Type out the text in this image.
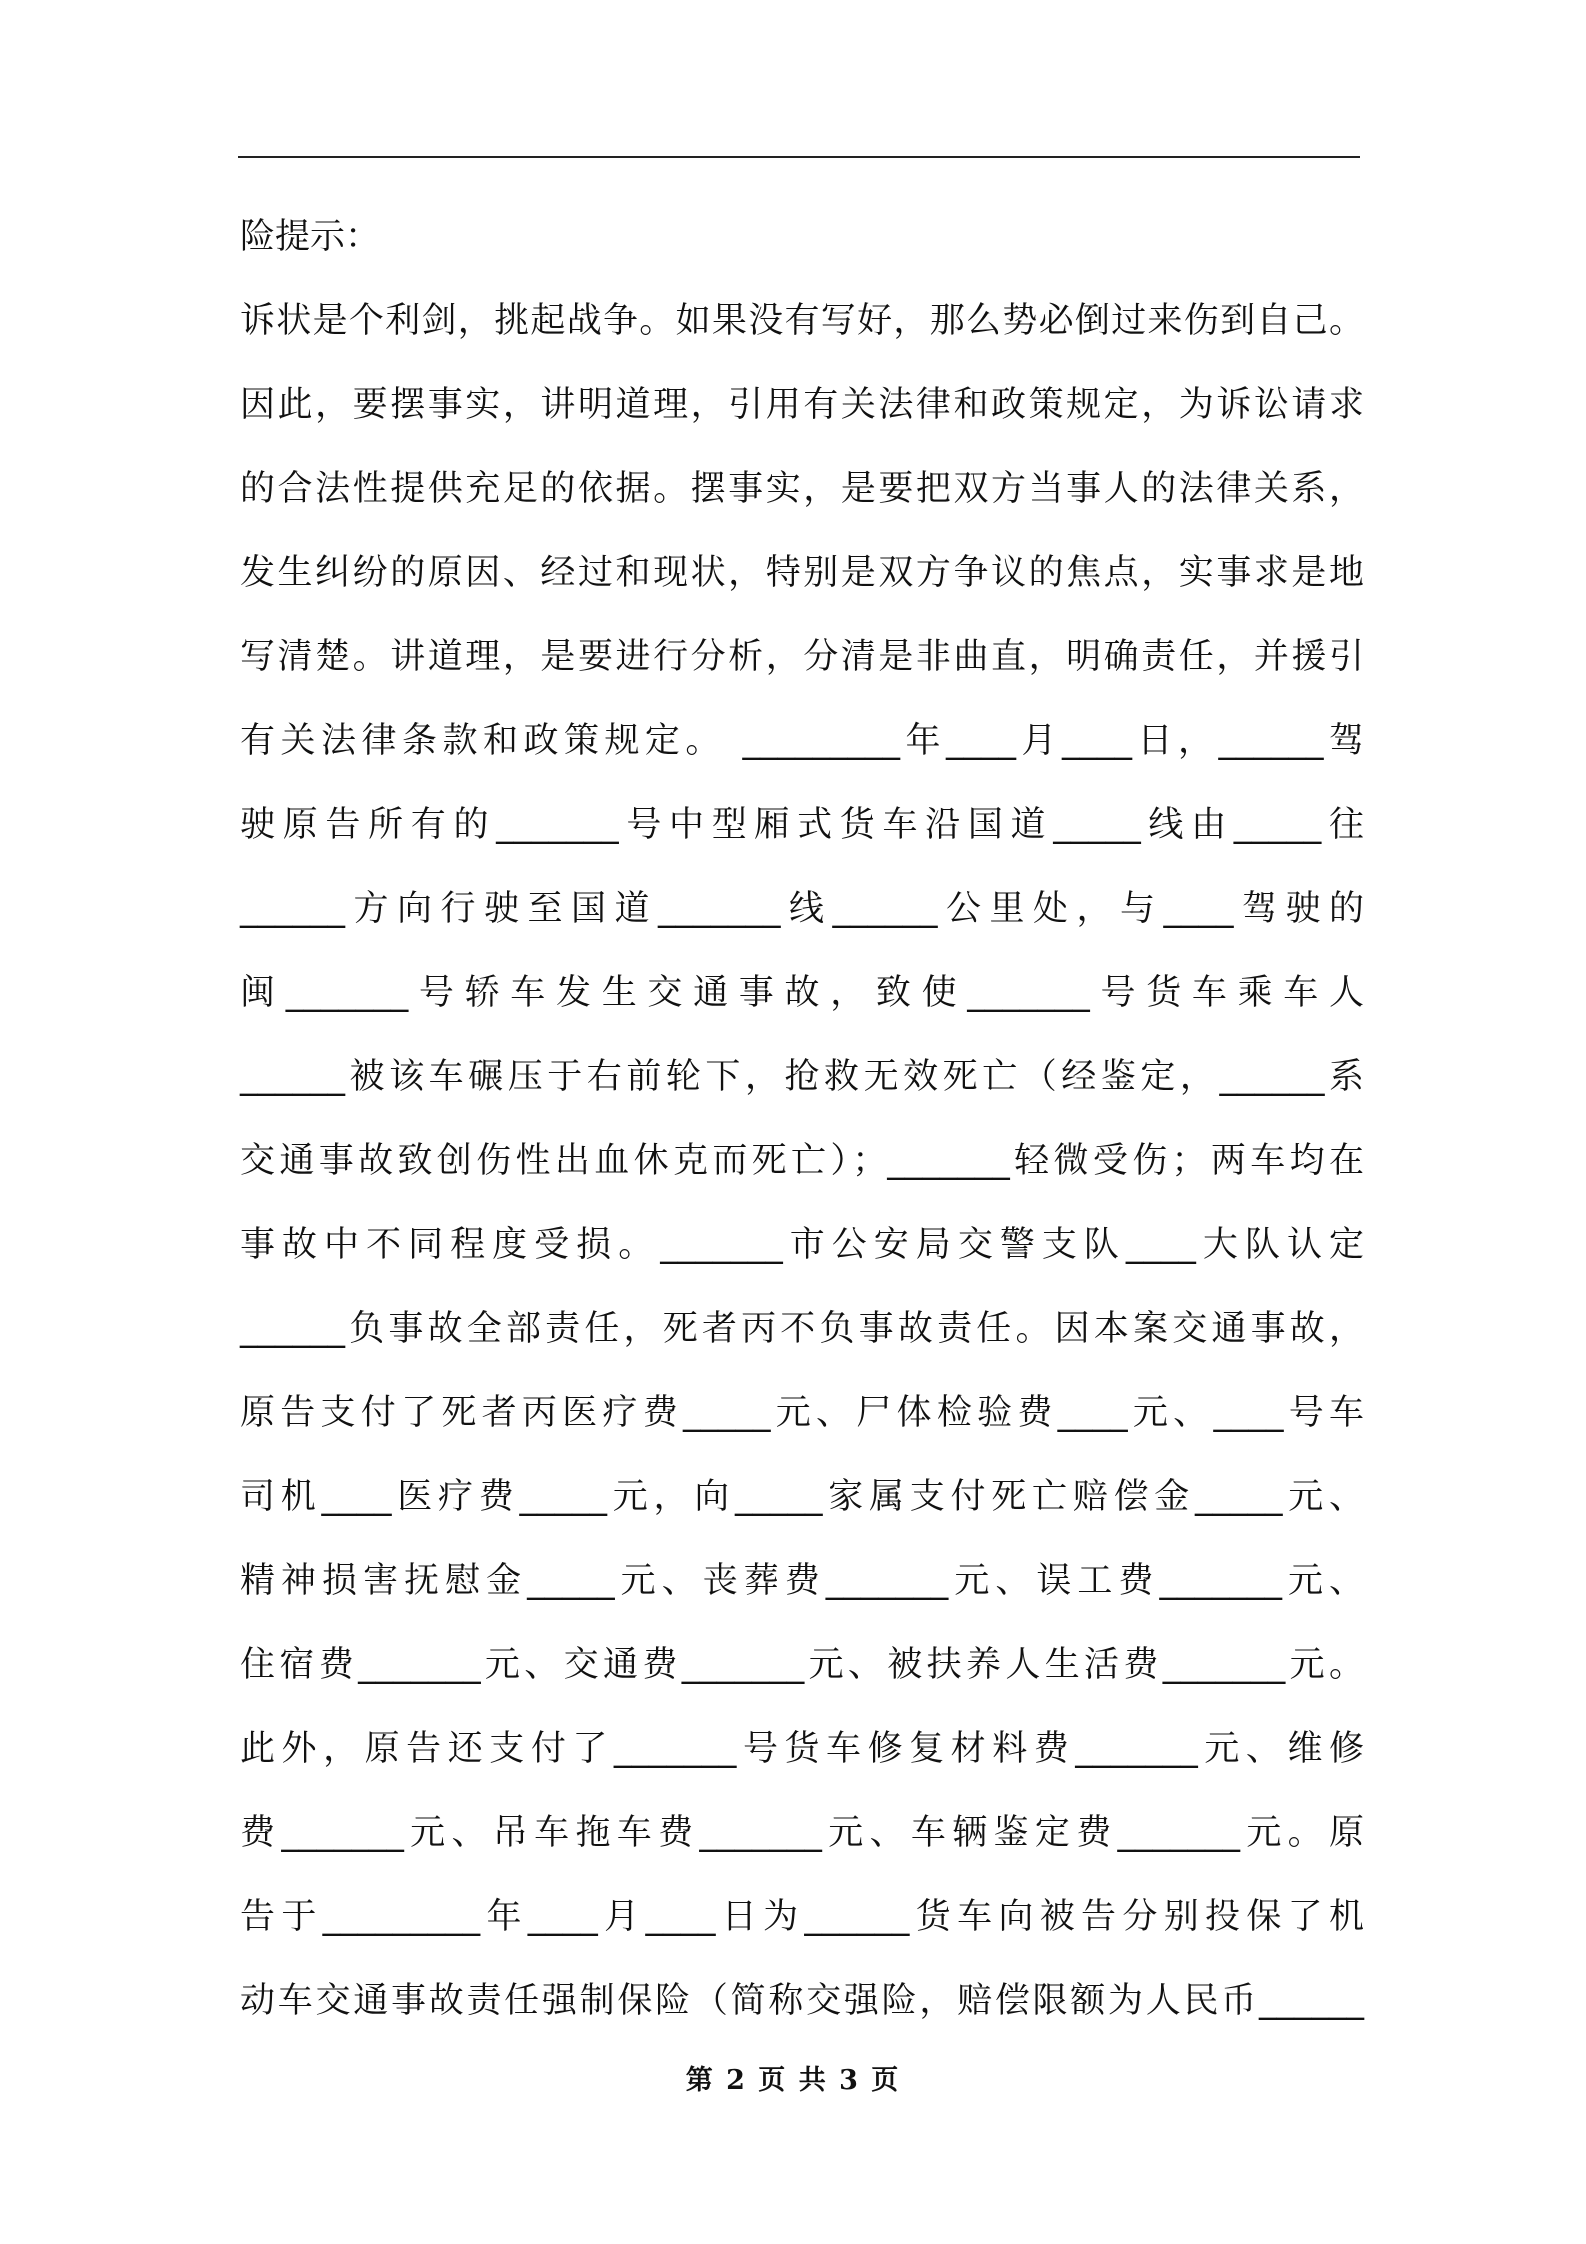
险提示：
诉状是个利剑，挑起战争。如果没有写好，那么势必倒过来伤到自己。
因此，要摆事实，讲明道理，引用有关法律和政策规定，为诉讼请求
的合法性提供充足的依据。摆事实，是要把双方当事人的法律关系，
发生纠纷的原因、经过和现状，特别是双方争议的焦点，实事求是地
写清楚。讲道理，是要进行分析，分清是非曲直，明确责任，并援引
有关法律条款和政策规定。 _________年____月____日，______驾
驶原告所有的_______号中型厢式货车沿国道_____线由_____往
______方向行驶至国道_______线______公里处，与____驾驶的
闽_______号轿车发生交通事故，致使_______号货车乘车人
______被该车碾压于右前轮下，抢救无效死亡（经鉴定，______系
交通事故致创伤性出血休克而死亡）；_______轻微受伤；两车均在
事故中不同程度受损。_______市公安局交警支队____大队认定
______负事故全部责任，死者丙不负事故责任。因本案交通事故，
原告支付了死者丙医疗费_____元、尸体检验费____元、____号车
司机____医疗费_____元，向_____家属支付死亡赔偿金_____元、
精神损害抚慰金_____元、丧葬费_______元、误工费_______元、
住宿费_______元、交通费_______元、被扶养人生活费_______元。
此外，原告还支付了_______号货车修复材料费_______元、维修
费_______元、吊车拖车费_______元、车辆鉴定费_______元。原
告于_________年____月____日为______货车向被告分别投保了机
动车交通事故责任强制保险（简称交强险，赔偿限额为人民币______
第 2 页 共 3 页
